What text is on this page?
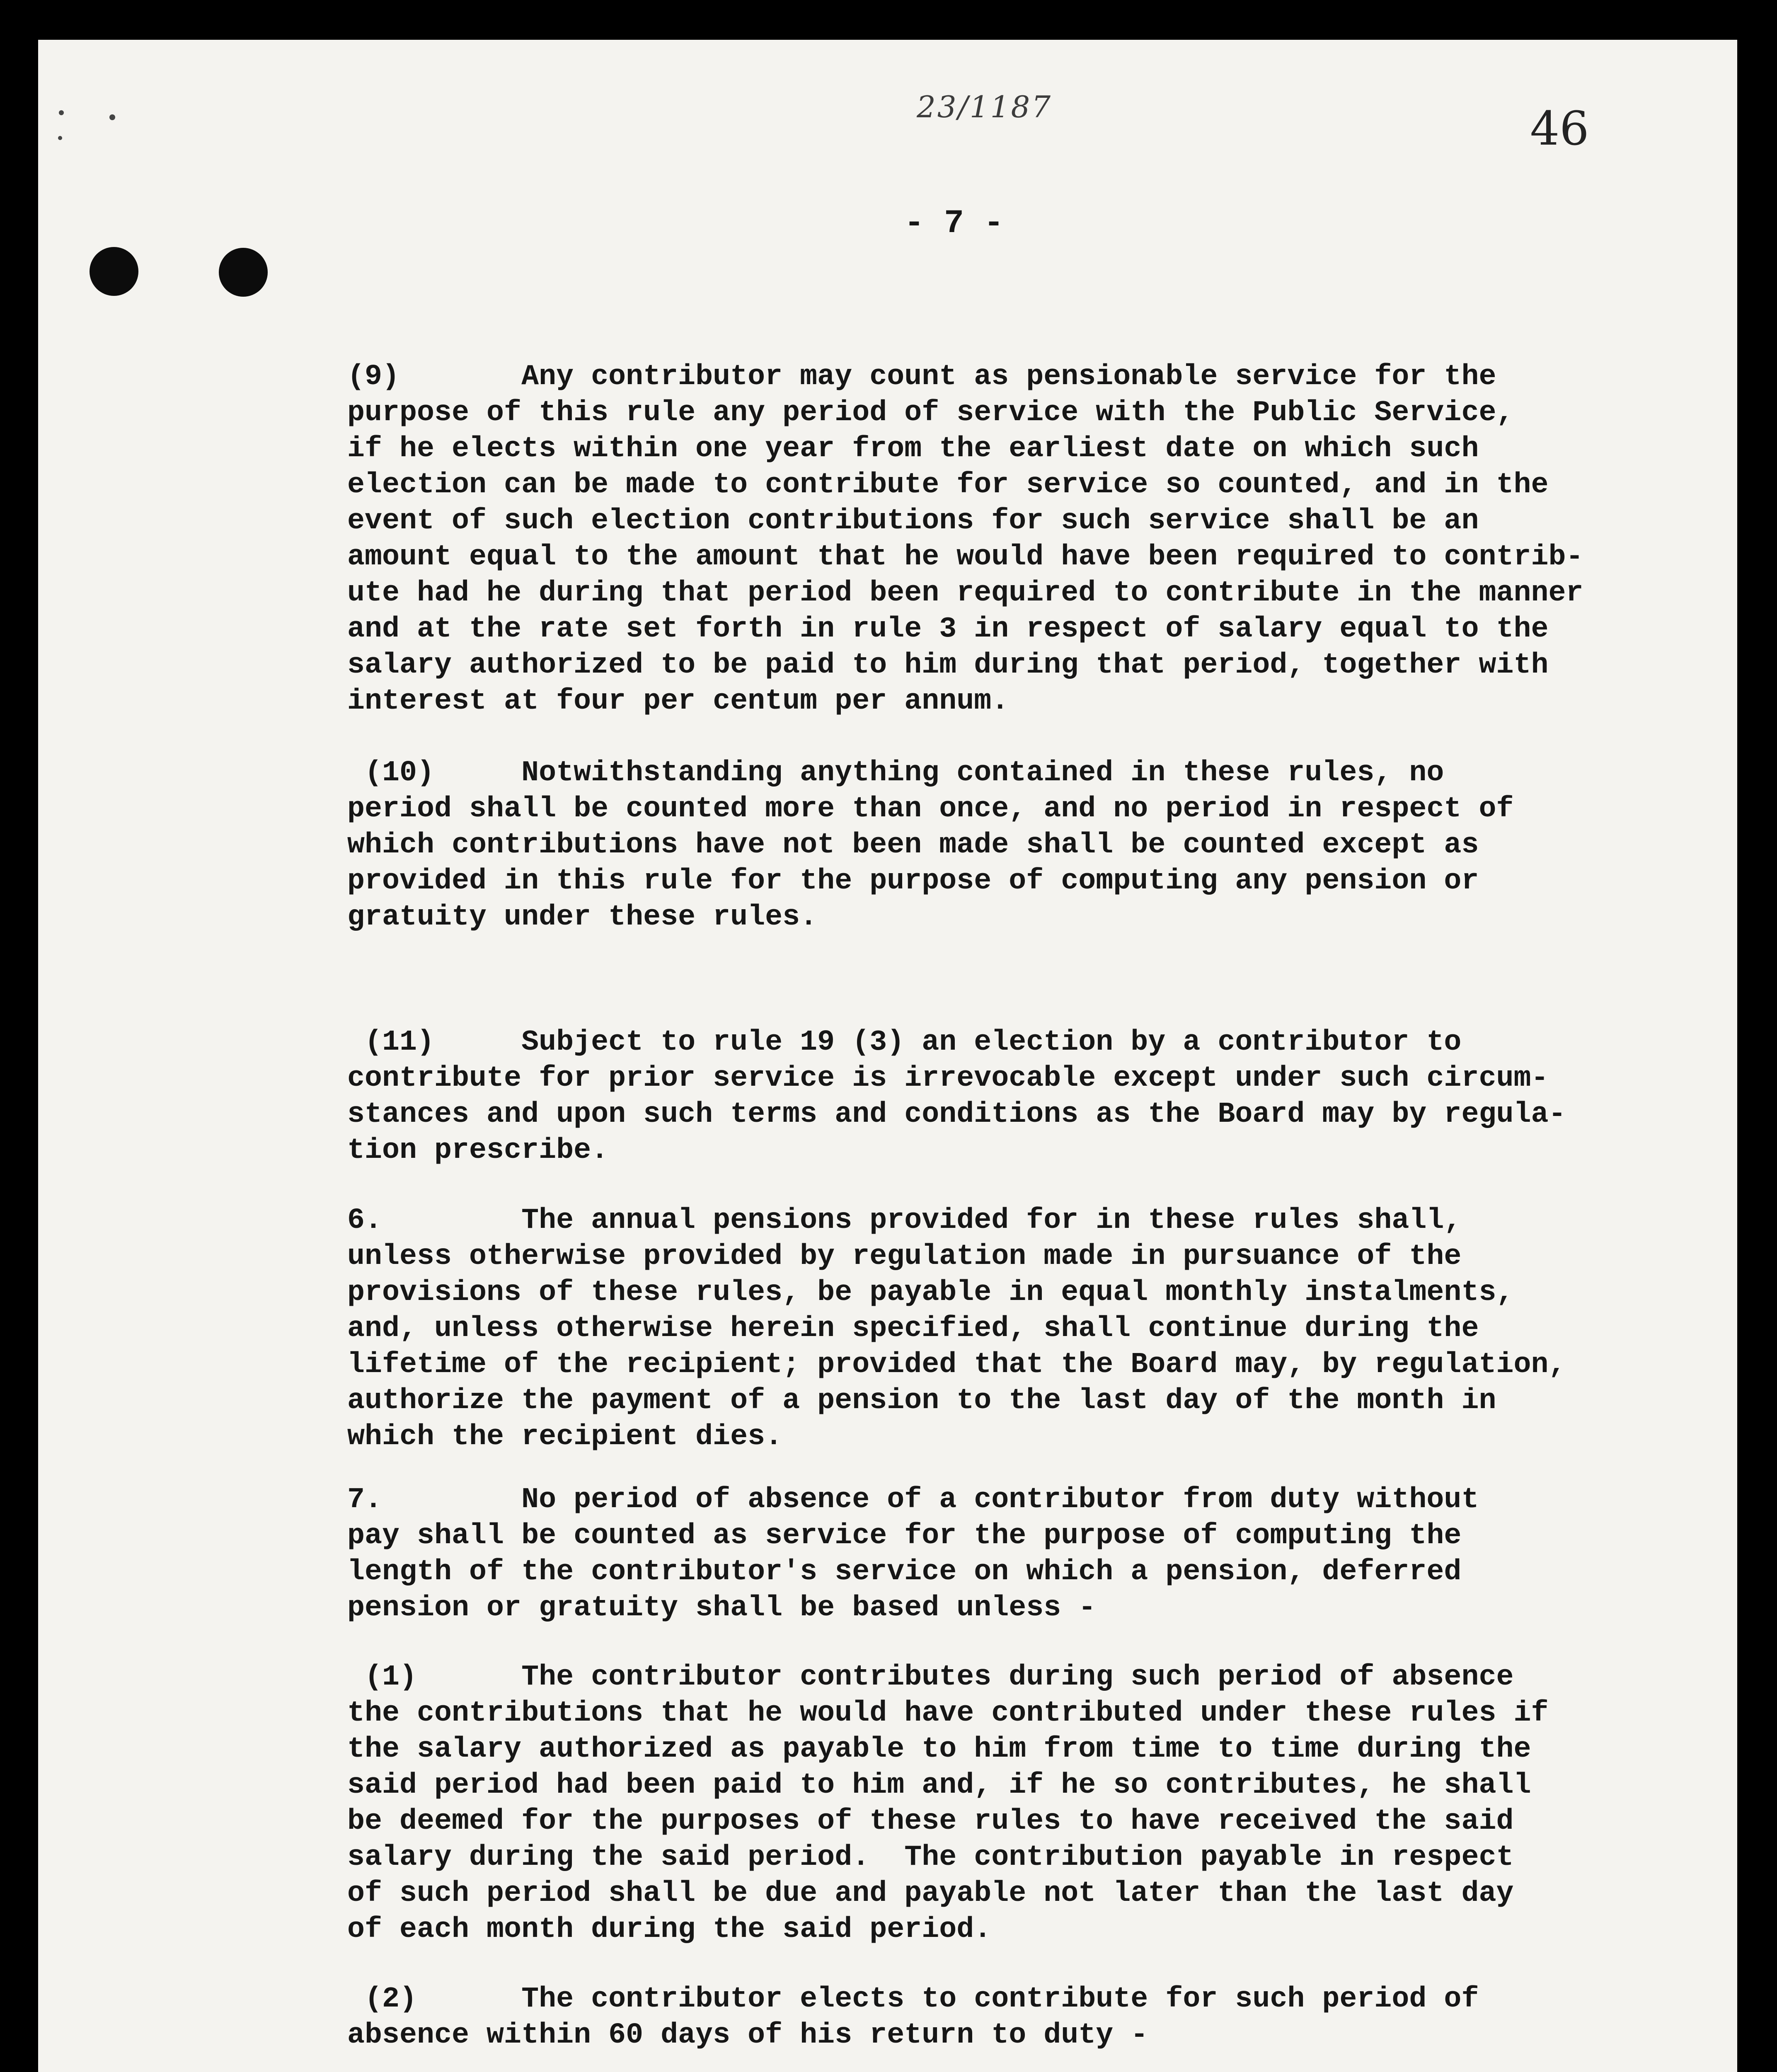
23/1187	46
- 7 -

(9)       Any contributor may count as pensionable service for the
purpose of this rule any period of service with the Public Service,
if he elects within one year from the earliest date on which such
election can be made to contribute for service so counted, and in the
event of such election contributions for such service shall be an
amount equal to the amount that he would have been required to contrib-
ute had he during that period been required to contribute in the manner
and at the rate set forth in rule 3 in respect of salary equal to the
salary authorized to be paid to him during that period, together with
interest at four per centum per annum.

(10)     Notwithstanding anything contained in these rules, no
period shall be counted more than once, and no period in respect of
which contributions have not been made shall be counted except as
provided in this rule for the purpose of computing any pension or
gratuity under these rules.

(11)     Subject to rule 19 (3) an election by a contributor to
contribute for prior service is irrevocable except under such circum-
stances and upon such terms and conditions as the Board may by regula-
tion prescribe.

6.        The annual pensions provided for in these rules shall,
unless otherwise provided by regulation made in pursuance of the
provisions of these rules, be payable in equal monthly instalments,
and, unless otherwise herein specified, shall continue during the
lifetime of the recipient; provided that the Board may, by regulation,
authorize the payment of a pension to the last day of the month in
which the recipient dies.

7.        No period of absence of a contributor from duty without
pay shall be counted as service for the purpose of computing the
length of the contributor's service on which a pension, deferred
pension or gratuity shall be based unless -

(1)      The contributor contributes during such period of absence
the contributions that he would have contributed under these rules if
the salary authorized as payable to him from time to time during the
said period had been paid to him and, if he so contributes, he shall
be deemed for the purposes of these rules to have received the said
salary during the said period.  The contribution payable in respect
of such period shall be due and payable not later than the last day
of each month during the said period.

(2)      The contributor elects to contribute for such period of
absence within 60 days of his return to duty -
